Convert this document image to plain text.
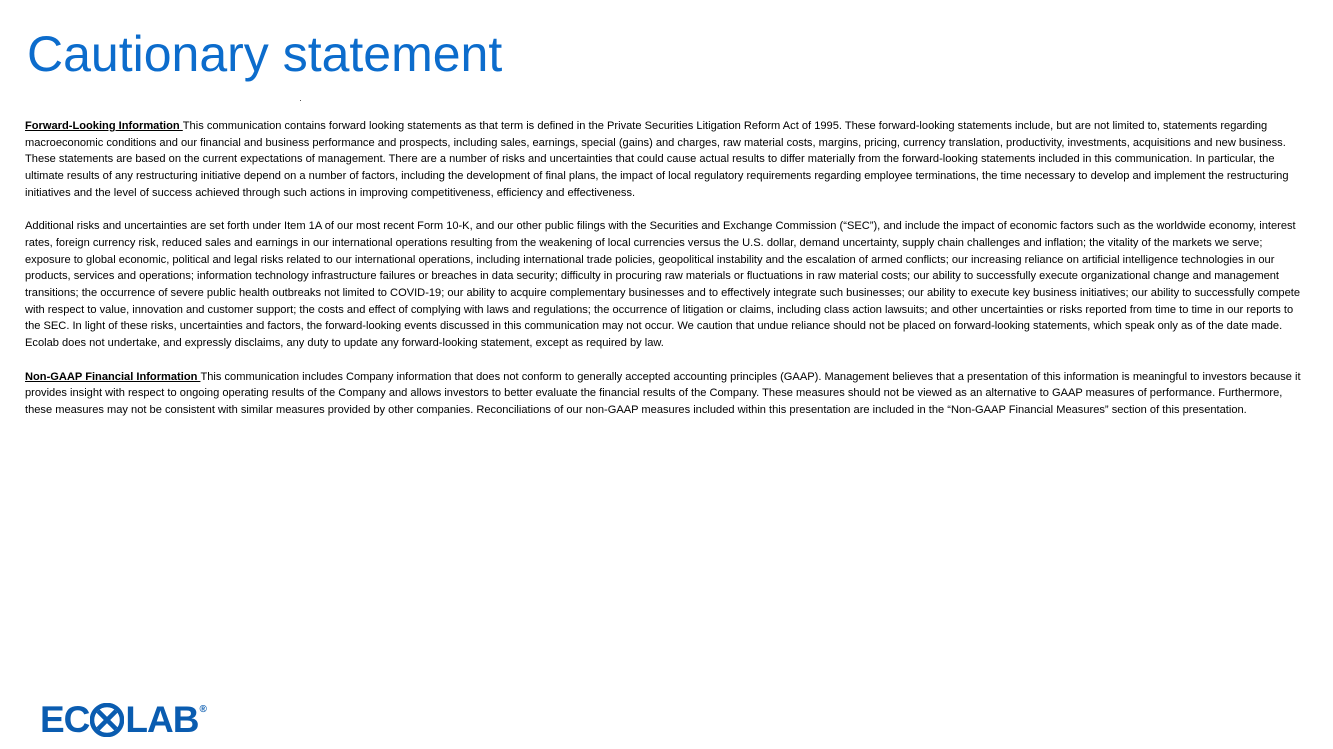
Cautionary statement

Forward-Looking Information This communication contains forward looking statements as that term is defined in the Private Securities Litigation Reform Act of 1995. These forward-looking statements include, but are not limited to, statements regarding macroeconomic conditions and our financial and business performance and prospects, including sales, earnings, special (gains) and charges, raw material costs, margins, pricing, currency translation, productivity, investments, acquisitions and new business. These statements are based on the current expectations of management. There are a number of risks and uncertainties that could cause actual results to differ materially from the forward-looking statements included in this communication. In particular, the ultimate results of any restructuring initiative depend on a number of factors, including the development of final plans, the impact of local regulatory requirements regarding employee terminations, the time necessary to develop and implement the restructuring initiatives and the level of success achieved through such actions in improving competitiveness, efficiency and effectiveness.

Additional risks and uncertainties are set forth under Item 1A of our most recent Form 10-K, and our other public filings with the Securities and Exchange Commission (“SEC”), and include the impact of economic factors such as the worldwide economy, interest rates, foreign currency risk, reduced sales and earnings in our international operations resulting from the weakening of local currencies versus the U.S. dollar, demand uncertainty, supply chain challenges and inflation; the vitality of the markets we serve; exposure to global economic, political and legal risks related to our international operations, including international trade policies, geopolitical instability and the escalation of armed conflicts; our increasing reliance on artificial intelligence technologies in our products, services and operations; information technology infrastructure failures or breaches in data security; difficulty in procuring raw materials or fluctuations in raw material costs; our ability to successfully execute organizational change and management transitions; the occurrence of severe public health outbreaks not limited to COVID-19; our ability to acquire complementary businesses and to effectively integrate such businesses; our ability to execute key business initiatives; our ability to successfully compete with respect to value, innovation and customer support; the costs and effect of complying with laws and regulations; the occurrence of litigation or claims, including class action lawsuits; and other uncertainties or risks reported from time to time in our reports to the SEC. In light of these risks, uncertainties and factors, the forward-looking events discussed in this communication may not occur. We caution that undue reliance should not be placed on forward-looking statements, which speak only as of the date made. Ecolab does not undertake, and expressly disclaims, any duty to update any forward-looking statement, except as required by law.

Non-GAAP Financial Information This communication includes Company information that does not conform to generally accepted accounting principles (GAAP). Management believes that a presentation of this information is meaningful to investors because it provides insight with respect to ongoing operating results of the Company and allows investors to better evaluate the financial results of the Company. These measures should not be viewed as an alternative to GAAP measures of performance. Furthermore, these measures may not be consistent with similar measures provided by other companies. Reconciliations of our non-GAAP measures included within this presentation are included in the “Non-GAAP Financial Measures” section of this presentation.

EC LAB ®
